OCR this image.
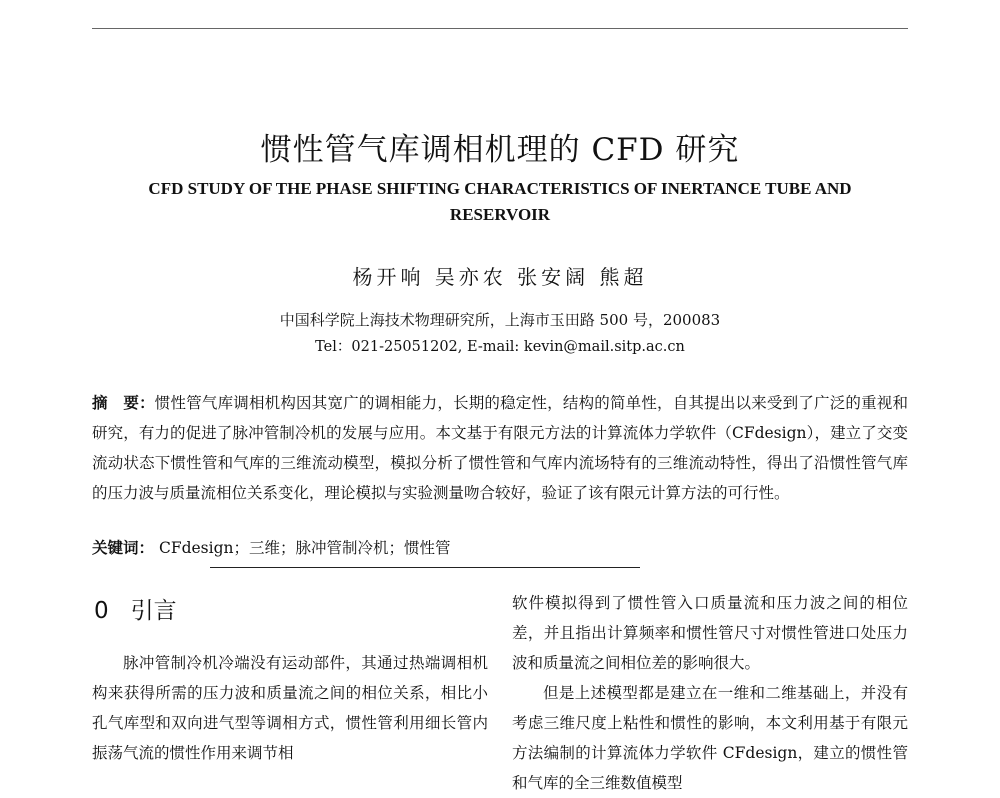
惯性管气库调相机理的 CFD 研究
CFD STUDY OF THE PHASE SHIFTING CHARACTERISTICS OF INERTANCE TUBE AND RESERVOIR
杨开响 吴亦农 张安阔 熊超
中国科学院上海技术物理研究所，上海市玉田路 500 号，200083
Tel：021-25051202, E-mail: kevin@mail.sitp.ac.cn
摘　要：惯性管气库调相机构因其宽广的调相能力，长期的稳定性，结构的简单性，自其提出以来受到了广泛的重视和研究，有力的促进了脉冲管制冷机的发展与应用。本文基于有限元方法的计算流体力学软件（CFdesign），建立了交变流动状态下惯性管和气库的三维流动模型，模拟分析了惯性管和气库内流场特有的三维流动特性，得出了沿惯性管气库的压力波与质量流相位关系变化，理论模拟与实验测量吻合较好，验证了该有限元计算方法的可行性。
关键词： CFdesign；三维；脉冲管制冷机；惯性管
0 引言

脉冲管制冷机冷端没有运动部件，其通过热端调相机构来获得所需的压力波和质量流之间的相位关系，相比小孔气库型和双向进气型等调相方式，惯性管利用细长管内振荡气流的惯性作用来调节相

软件模拟得到了惯性管入口质量流和压力波之间的相位差，并且指出计算频率和惯性管尺寸对惯性管进口处压力波和质量流之间相位差的影响很大。

但是上述模型都是建立在一维和二维基础上，并没有考虑三维尺度上粘性和惯性的影响，本文利用基于有限元方法编制的计算流体力学软件 CFdesign，建立的惯性管和气库的全三维数值模型
